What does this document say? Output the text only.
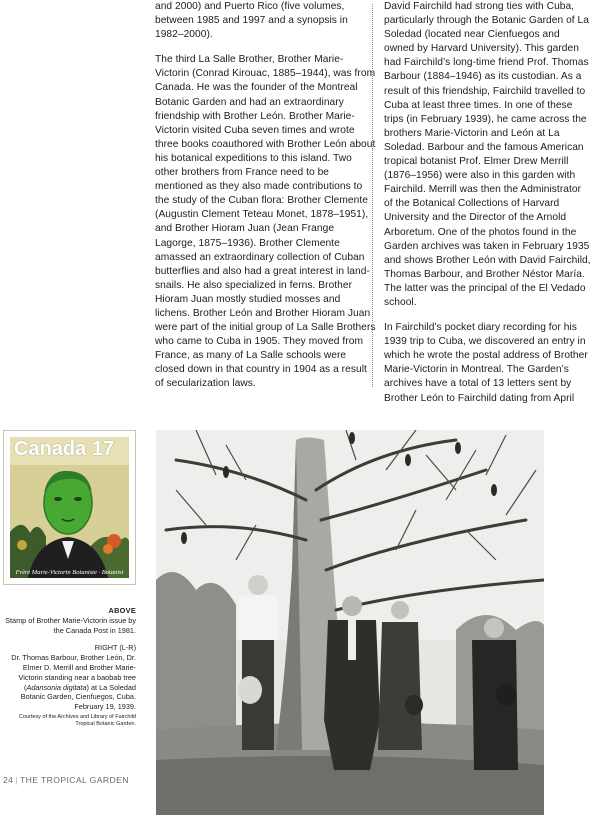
and 2000) and Puerto Rico (five volumes, between 1985 and 1997 and a synopsis in 1982–2000).

The third La Salle Brother, Brother Marie-Victorin (Conrad Kirouac, 1885–1944), was from Canada. He was the founder of the Montreal Botanic Garden and had an extraordinary friendship with Brother León. Brother Marie-Victorin visited Cuba seven times and wrote three books coauthored with Brother León about his botanical expeditions to this island. Two other brothers from France need to be mentioned as they also made contributions to the study of the Cuban flora: Brother Clemente (Augustin Clement Teteau Monet, 1878–1951), and Brother Hioram Juan (Jean Frange Lagorge, 1875–1936). Brother Clemente amassed an extraordinary collection of Cuban butterflies and also had a great interest in land-snails. He also specialized in ferns. Brother Hioram Juan mostly studied mosses and lichens. Brother León and Brother Hioram Juan were part of the initial group of La Salle Brothers who came to Cuba in 1905. They moved from France, as many of La Salle schools were closed down in that country in 1904 as a result of secularization laws.

David Fairchild had strong ties with Cuba, particularly through the Botanic Garden of La Soledad (located near Cienfuegos and owned by Harvard University). This garden had Fairchild’s long-time friend Prof. Thomas Barbour (1884–1946) as its custodian. As a result of this friendship, Fairchild travelled to Cuba at least three times. In one of these trips (in February 1939), he came across the brothers Marie-Victorin and León at La Soledad. Barbour and the famous American tropical botanist Prof. Elmer Drew Merrill (1876–1956) were also in this garden with Fairchild. Merrill was then the Administrator of the Botanical Collections of Harvard University and the Director of the Arnold Arboretum. One of the photos found in the Garden archives was taken in February 1935 and shows Brother León with David Fairchild, Thomas Barbour, and Brother Néstor María. The latter was the principal of the El Vedado school.

In Fairchild’s pocket diary recording for his 1939 trip to Cuba, we discovered an entry in which he wrote the postal address of Brother Marie-Victorin in Montreal. The Garden’s archives have a total of 13 letters sent by Brother León to Fairchild dating from April

Canada 17
Frère Marie-Victorin Botaniste · Botanist
ABOVE
Stamp of Brother Marie-Victorin issue by the Canada Post in 1981.
RIGHT (L-R)
Dr. Thomas Barbour, Brother León, Dr. Elmer D. Merrill and Brother Marie-Victorin standing near a baobab tree (Adansonia digitata) at La Soledad Botanic Garden, Cienfuegos, Cuba. February 19, 1939.
Courtesy of the Archives and Library of Fairchild Tropical Botanic Garden.
24 | THE TROPICAL GARDEN
